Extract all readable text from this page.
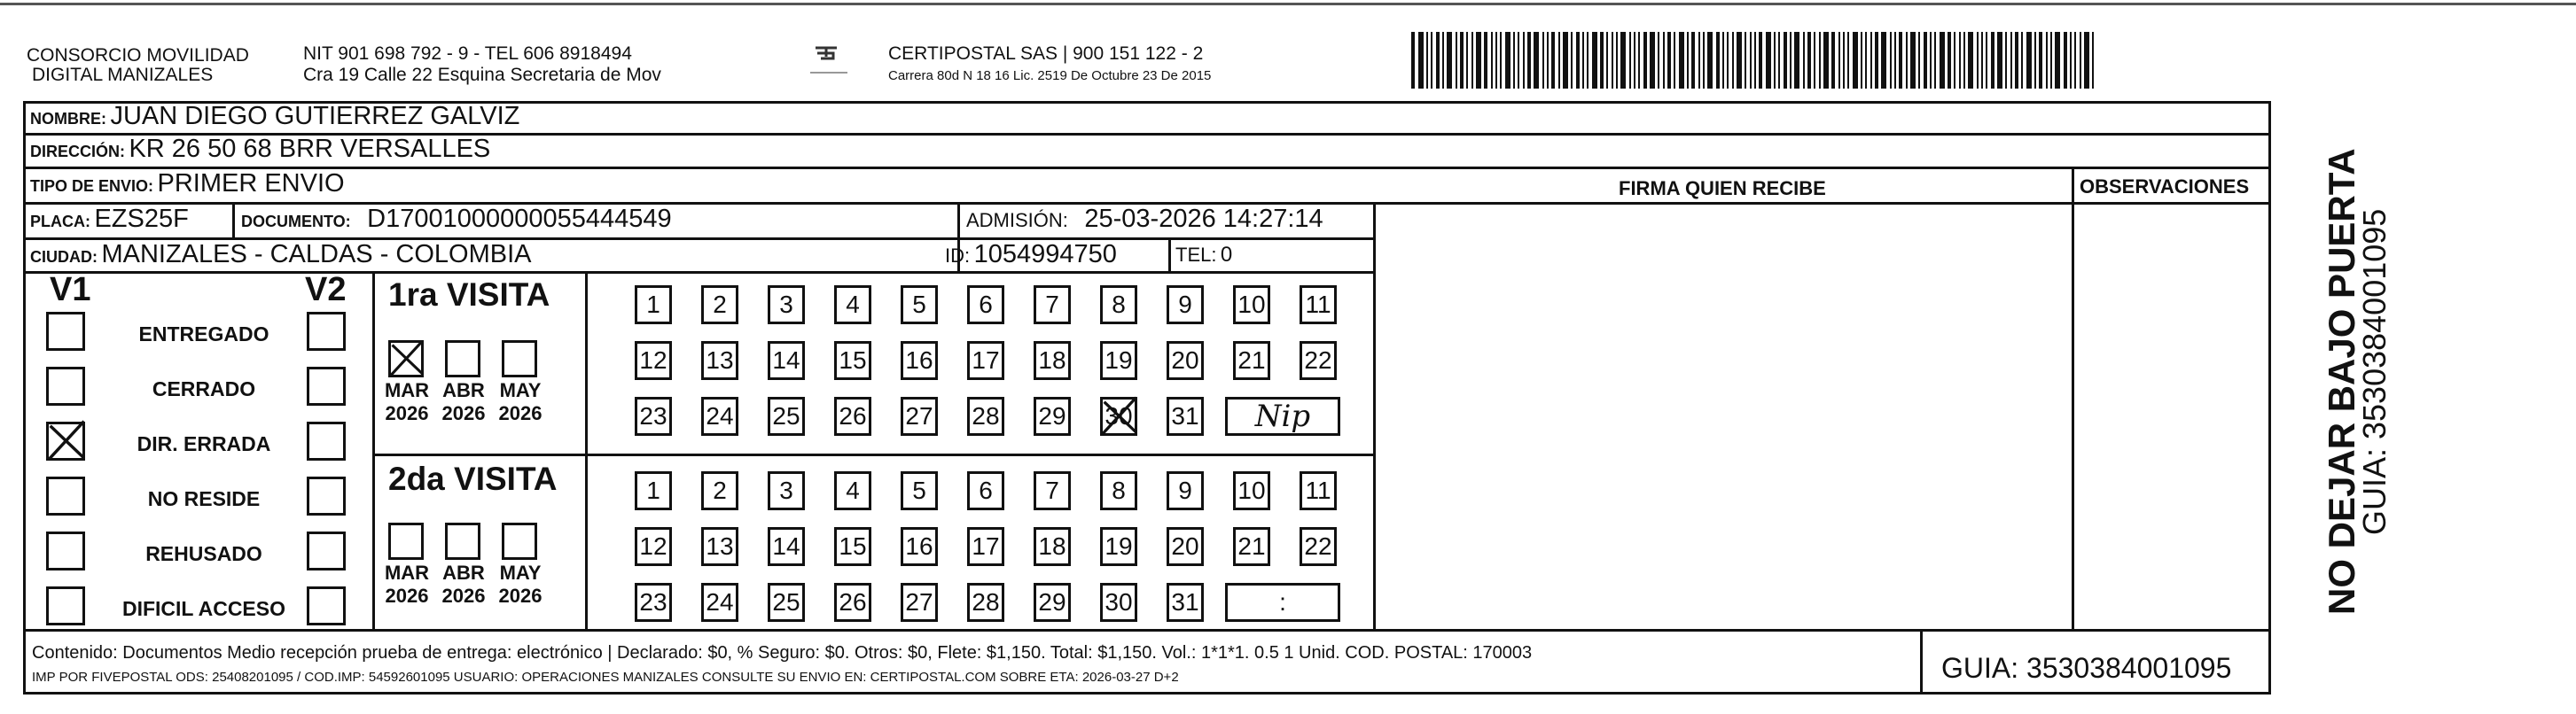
CONSORCIO MOVILIDAD
DIGITAL MANIZALES
NIT 901 698 792 - 9 - TEL 606 8918494
Cra 19 Calle 22 Esquina Secretaria de Mov
CERTIPOSTAL SAS | 900 151 122 - 2
Carrera 80d N 18 16 Lic. 2519 De Octubre 23 De 2015
NOMBRE: JUAN DIEGO GUTIERREZ GALVIZ
DIRECCIÓN: KR 26 50 68 BRR VERSALLES
TIPO DE ENVIO: PRIMER ENVIO
PLACA: EZS25F	DOCUMENTO: D17001000000055444549	ADMISIÓN: 25-03-2026 14:27:14
CIUDAD: MANIZALES - CALDAS - COLOMBIA	ID: 1054994750	TEL: 0
FIRMA QUIEN RECIBE	OBSERVACIONES
V1	V2 1ra VISITA
2da VISITA
Contenido: Documentos Medio recepción prueba de entrega: electrónico | Declarado: $0, % Seguro: $0. Otros: $0, Flete: $1,150. Total: $1,150. Vol.: 1*1*1. 0.5 1 Unid. COD. POSTAL: 170003
IMP POR FIVEPOSTAL ODS: 25408201095 / COD.IMP: 54592601095 USUARIO: OPERACIONES MANIZALES CONSULTE SU ENVIO EN: CERTIPOSTAL.COM SOBRE ETA: 2026-03-27 D+2	GUIA: 3530384001095
NO DEJAR BAJO PUERTA
GUIA: 3530384001095
ENTREGADO
CERRADO
DIR. ERRADA
NO RESIDE
REHUSADO
DIFICIL ACCESO
MAR
2026
ABR
2026
MAY
2026
MAR
2026
ABR
2026
MAY
2026
1	2	3	4	5	6	7	8	9	10 11
12 13 14 15 16 17 18 19 20 21 22
23 24 25 26 27 28 29 30 31	Nip
1	2	3	4	5	6	7	8	9	10 11
12 13 14 15 16 17 18 19 20 21 22
23 24 25 26 27 28 29 30 31	:
